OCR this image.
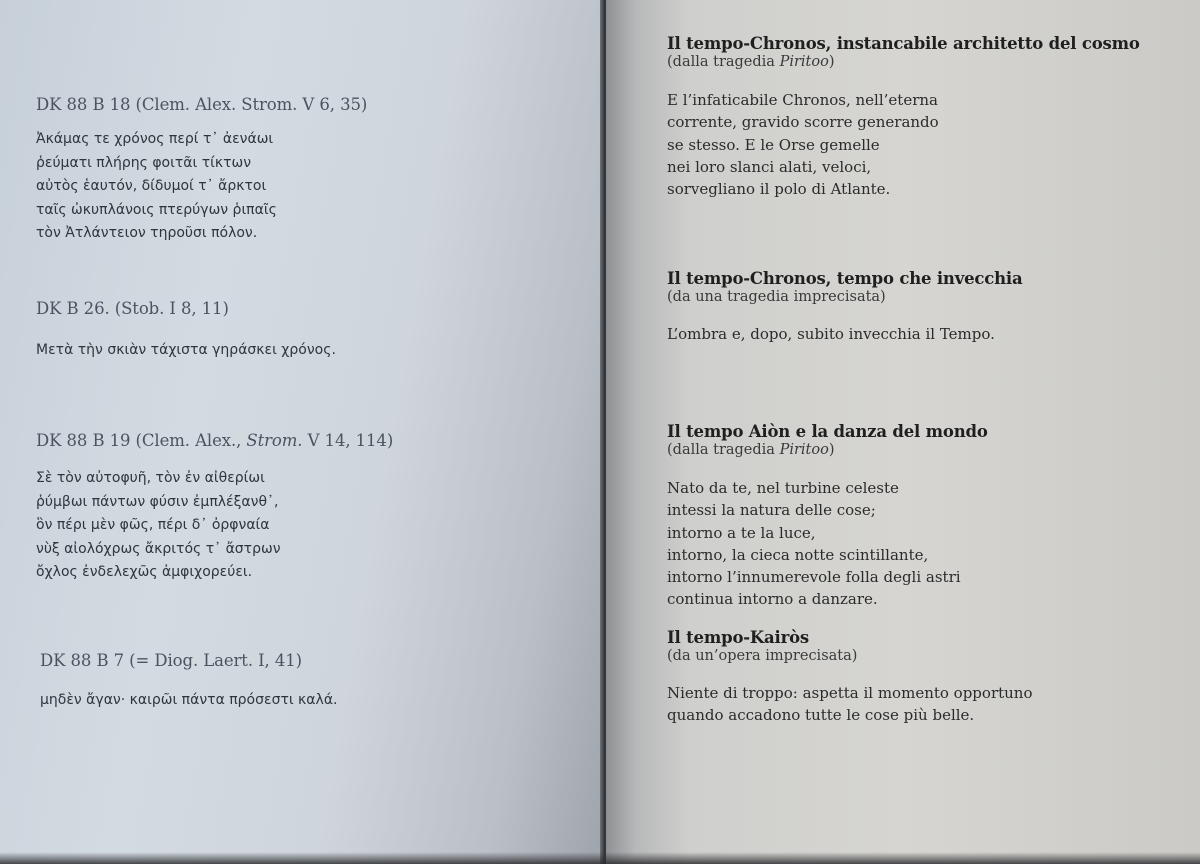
DK 88 B 18 (Clem. Alex. Strom. V 6, 35)
Ἀκάμας τε χρόνος περί τ᾽ ἀενάωι
ῥεύματι πλήρης φοιτᾶι τίκτων
αὐτὸς ἑαυτόν, δίδυμοί τ᾽ ἄρκτοι
ταῖς ὠκυπλάνοις πτερύγων ῥιπαῖς
τὸν Ἀτλάντειον τηροῦσι πόλον.
DK B 26. (Stob. I 8, 11)
Μετὰ τὴν σκιὰν τάχιστα γηράσκει χρόνος.
DK 88 B 19 (Clem. Alex., Strom. V 14, 114)
Σὲ τὸν αὐτοφυῆ, τὸν ἐν αἰθερίωι
ῥύμβωι πάντων φύσιν ἐμπλέξανθ᾽,
ὃν πέρι μὲν φῶς, πέρι δ᾽ ὀρφναία
νὺξ αἰολόχρως ἄκριτός τ᾽ ἄστρων
ὄχλος ἐνδελεχῶς ἀμφιχορεύει.
DK 88 B 7 (= Diog. Laert. I, 41)
μηδὲν ἄγαν· καιρῶι πάντα πρόσεστι καλά.
Il tempo-Chronos, instancabile architetto del cosmo
(dalla tragedia Piritoo)
E l’infaticabile Chronos, nell’eterna
corrente, gravido scorre generando
se stesso. E le Orse gemelle
nei loro slanci alati, veloci,
sorvegliano il polo di Atlante.
Il tempo-Chronos, tempo che invecchia
(da una tragedia imprecisata)
L’ombra e, dopo, subito invecchia il Tempo.
Il tempo Aiòn e la danza del mondo
(dalla tragedia Piritoo)
Nato da te, nel turbine celeste
intessi la natura delle cose;
intorno a te la luce,
intorno, la cieca notte scintillante,
intorno l’innumerevole folla degli astri
continua intorno a danzare.
Il tempo-Kairòs
(da un’opera imprecisata)
Niente di troppo: aspetta il momento opportuno
quando accadono tutte le cose più belle.
